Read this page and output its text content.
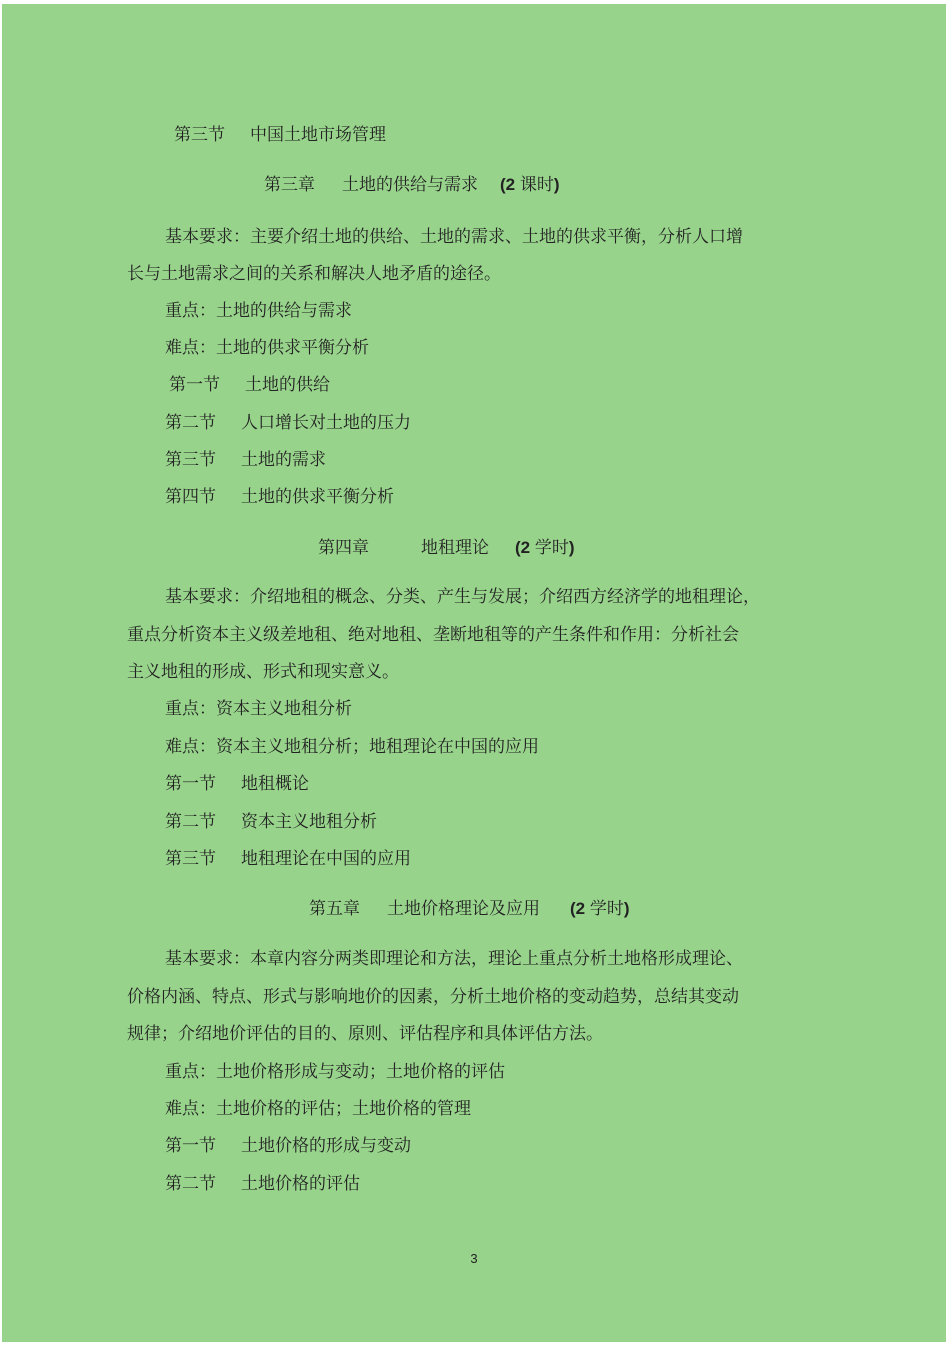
第三节 中国土地市场管理
第三章 土地的供给与需求 (2 课时)
基本要求：主要介绍土地的供给、土地的需求、土地的供求平衡，分析人口增
长与土地需求之间的关系和解决人地矛盾的途径。
重点：土地的供给与需求
难点：土地的供求平衡分析
第一节 土地的供给
第二节 人口增长对土地的压力
第三节 土地的需求
第四节 土地的供求平衡分析
第四章	地租理论 (2 学时)
基本要求：介绍地租的概念、分类、产生与发展；介绍西方经济学的地租理论，
重点分析资本主义级差地租、绝对地租、垄断地租等的产生条件和作用：分析社会
主义地租的形成、形式和现实意义。
重点：资本主义地租分析
难点：资本主义地租分析；地租理论在中国的应用
第一节 地租概论
第二节 资本主义地租分析
第三节 地租理论在中国的应用
第五章 土地价格理论及应用 (2 学时)
基本要求：本章内容分两类即理论和方法，理论上重点分析土地格形成理论、
价格内涵、特点、形式与影响地价的因素，分析土地价格的变动趋势，总结其变动
规律；介绍地价评估的目的、原则、评估程序和具体评估方法。
重点：土地价格形成与变动；土地价格的评估
难点：土地价格的评估；土地价格的管理
第一节 土地价格的形成与变动
第二节 土地价格的评估
3
